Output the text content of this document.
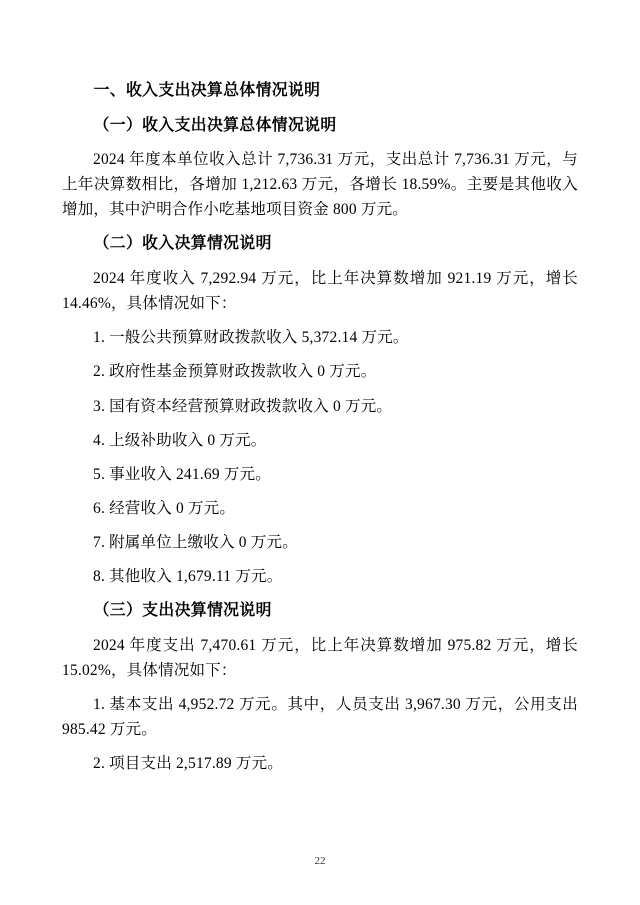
一、收入支出决算总体情况说明

（一）收入支出决算总体情况说明

2024 年度本单位收入总计 7,736.31 万元，支出总计 7,736.31 万元，与上年决算数相比，各增加 1,212.63 万元，各增长 18.59%。主要是其他收入增加，其中沪明合作小吃基地项目资金 800 万元。

（二）收入决算情况说明

2024 年度收入 7,292.94 万元，比上年决算数增加 921.19 万元，增长 14.46%，具体情况如下：

1. 一般公共预算财政拨款收入 5,372.14 万元。

2. 政府性基金预算财政拨款收入 0 万元。

3. 国有资本经营预算财政拨款收入 0 万元。

4. 上级补助收入 0 万元。

5. 事业收入 241.69 万元。

6. 经营收入 0 万元。

7. 附属单位上缴收入 0 万元。

8. 其他收入 1,679.11 万元。

（三）支出决算情况说明

2024 年度支出 7,470.61 万元，比上年决算数增加 975.82 万元，增长 15.02%，具体情况如下：

1. 基本支出 4,952.72 万元。其中，人员支出 3,967.30 万元，公用支出 985.42 万元。

2. 项目支出 2,517.89 万元。

22
